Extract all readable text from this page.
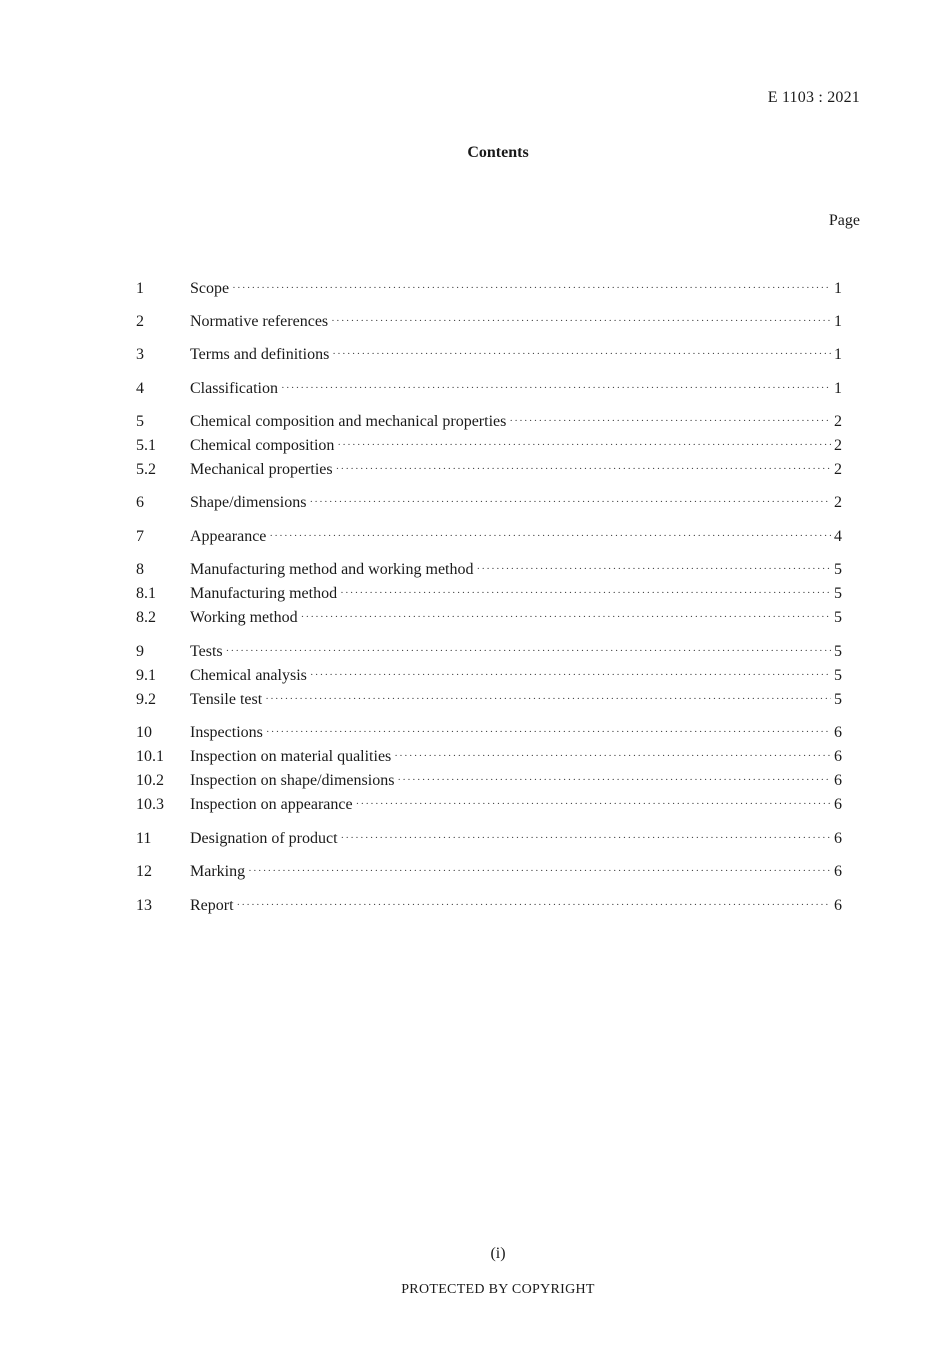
E 1103 : 2021
Contents
Page
1	Scope ·····	1
2	Normative references ·····	1
3	Terms and definitions ·····	1
4	Classification ·····	1
5	Chemical composition and mechanical properties ·····	2
5.1	Chemical composition ·····	2
5.2	Mechanical properties ·····	2
6	Shape/dimensions ·····	2
7	Appearance ·····	4
8	Manufacturing method and working method ·····	5
8.1	Manufacturing method ·····	5
8.2	Working method ·····	5
9	Tests ·····	5
9.1	Chemical analysis ·····	5
9.2	Tensile test ·····	5
10	Inspections ·····	6
10.1	Inspection on material qualities ·····	6
10.2	Inspection on shape/dimensions ·····	6
10.3	Inspection on appearance ·····	6
11	Designation of product ·····	6
12	Marking ·····	6
13	Report ·····	6
(i)
PROTECTED BY COPYRIGHT
